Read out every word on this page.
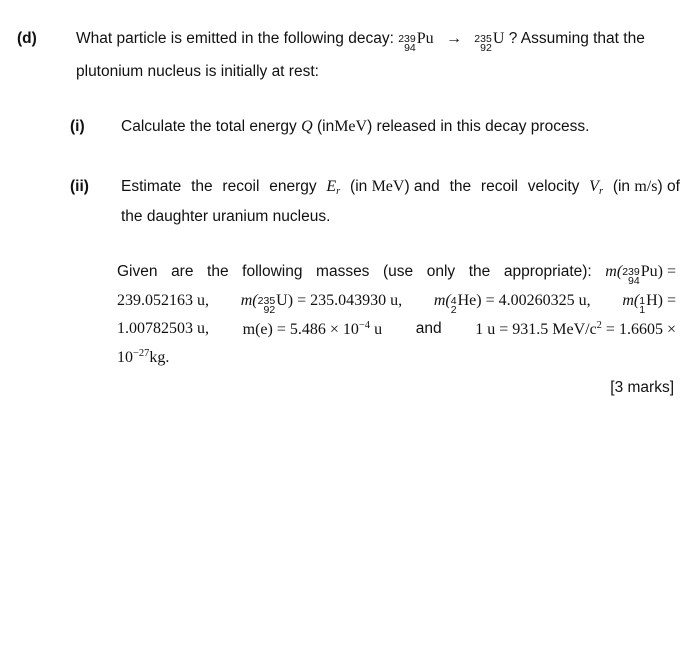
(d)	What particle is emitted in the following decay: 239
94
Pu → 235
92
U ? Assuming that the
plutonium nucleus is initially at rest:
(i) Calculate the total energy Q (inMeV) released in this decay process.
(ii) Estimate the recoil energy $E_r$ (in MeV) and the recoil velocity $V_r$ (in m/s) of
the daughter uranium nucleus.
Given are the following masses (use only the appropriate): m( 239
94
Pu) =
239.052163 u, m( 235
92
U) = 235.043930 u, m( 4
2
He) = 4.00260325 u, m( 1
1
H) =
1.00782503 u, $m(e) = 5.486 \times 10^{-4}$ u and 1 u = 931.5 MeV/$c^2 = 1.6605$ ×
$10^{-27}kg$.
[3 marks]
